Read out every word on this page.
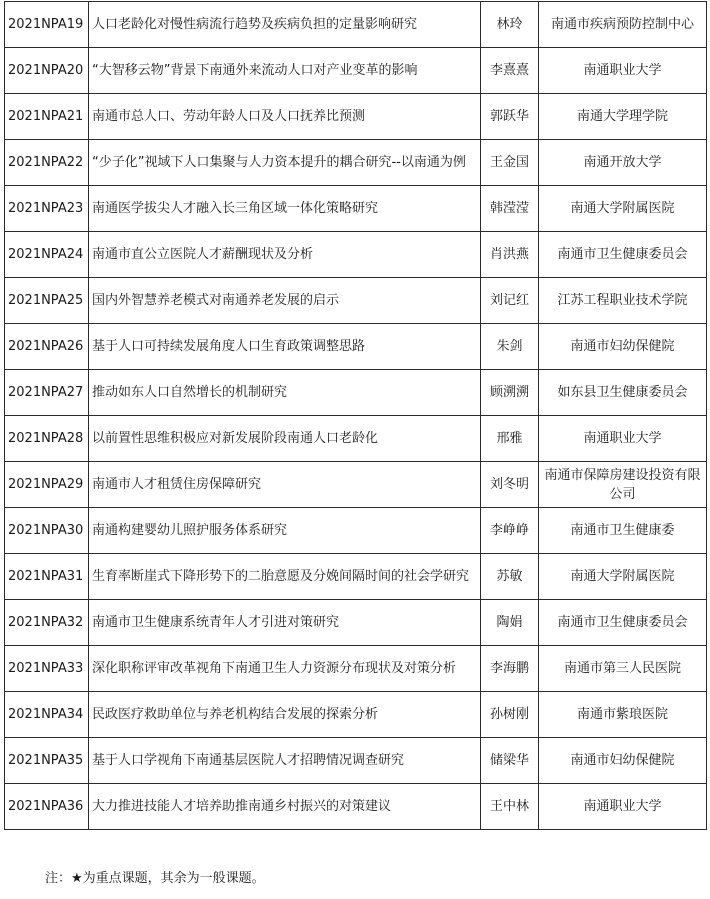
2021NPA19	人口老龄化对慢性病流行趋势及疾病负担的定量影响研究	林玲	南通市疾病预防控制中心
2021NPA20	“大智移云物”背景下南通外来流动人口对产业变革的影响	李熹熹	南通职业大学
2021NPA21	南通市总人口、劳动年龄人口及人口抚养比预测	郭跃华	南通大学理学院
2021NPA22	“少子化”视域下人口集聚与人力资本提升的耦合研究--以南通为例	王金国	南通开放大学
2021NPA23	南通医学拔尖人才融入长三角区域一体化策略研究	韩滢滢	南通大学附属医院
2021NPA24	南通市直公立医院人才薪酬现状及分析	肖洪燕	南通市卫生健康委员会
2021NPA25	国内外智慧养老模式对南通养老发展的启示	刘记红	江苏工程职业技术学院
2021NPA26	基于人口可持续发展角度人口生育政策调整思路	朱剑	南通市妇幼保健院
2021NPA27	推动如东人口自然增长的机制研究	顾溯溯	如东县卫生健康委员会
2021NPA28	以前置性思维积极应对新发展阶段南通人口老龄化	邢雅	南通职业大学
2021NPA29	南通市人才租赁住房保障研究	刘冬明	南通市保障房建设投资有限公司
2021NPA30	南通构建婴幼儿照护服务体系研究	李峥峥	南通市卫生健康委
2021NPA31	生育率断崖式下降形势下的二胎意愿及分娩间隔时间的社会学研究	苏敏	南通大学附属医院
2021NPA32	南通市卫生健康系统青年人才引进对策研究	陶娟	南通市卫生健康委员会
2021NPA33	深化职称评审改革视角下南通卫生人力资源分布现状及对策分析	李海鹏	南通市第三人民医院
2021NPA34	民政医疗救助单位与养老机构结合发展的探索分析	孙树刚	南通市紫琅医院
2021NPA35	基于人口学视角下南通基层医院人才招聘情况调查研究	储梁华	南通市妇幼保健院
2021NPA36	大力推进技能人才培养助推南通乡村振兴的对策建议	王中林	南通职业大学
注：★为重点课题，其余为一般课题。
